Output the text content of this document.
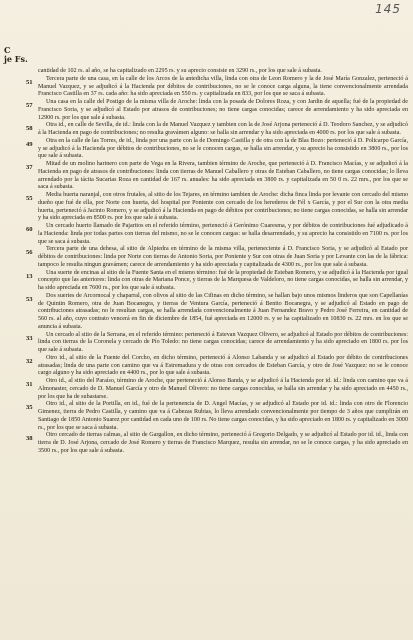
145
C
je Fs.
cantidad de 102 rs. al año, se ha capitalizado en 2295 rs. y su aprecio consiste en 3290 rs., por los que sale á subasta.
51	Tercera parte de una casa, en la calle de los Arcos de la antedicha villa, linda con otra de Leon Romero y la de José María Gonzalez, perteneció á Manuel Vazquez, y se adjudicó á la Hacienda por débitos de contribuciones, no se le conoce carga alguna, la tiene convencionalmente arrendada Francisco Castilla en 37 rs. cada año: ha sido apreciada en 550 rs. y capitalizada en 833, por los que se saca á subasta.
57	Una casa en la calle del Postigo de la misma villa de Aroche: linda con la posada de Dolores Roza, y con Jardin de aquella; fué de la propiedad de Francisco Soria, y se adjudicó al Estado por atrasos de contribuciones; no tiene cargas conocidas; carece de arrendamiento y ha sido apreciada en 12900 rs. por los que sale á subasta.
58	Otra id., en calle de Sevilla, de id.: linda con la de Manuel Vazquez y tambien con la de José Arjona perteneció á D. Teodoro Sanchez, y se adjudicó á la Hacienda en pago de contribuciones; no resulta gravámen alguno: se halla sin arrendar y ha sido apreciada en 4000 rs. por los que sale á subasta.
49	Otra en la calle de las Torres, de id., linda por una parte con la de Domingo Castilla y de otra con la de Blas Bozo: perteneció á D. Policarpo García, y se adjudicó á la Hacienda por débitos de contribuciones, no se le conocen cargas, se halla sin arrendar, y su aprecio ha consistido en 3800 rs., por los que sale á subasta.
37	Mitad de un molino harinero con parte de Vega en la Rivera, tambien término de Aroche, que perteneció á D. Francisco Macías, y se adjudicó á la Hacienda en pago de atrasos de contribuciones: linda con tierras de Manuel Caballero y otras de Esteban Caballero, no tiene cargas conocidas; lo lleva arrendado por la tácita Sucarias Roza en cantidad de 167 rs. anuales: ha sido apreciada en 3800 rs. y capitalizada en 50 0 rs. 22 mrs., por los que se saca á subasta.
55	Media huerta naranjal, con otros frutales, al sitio de los Tejares, en término tambien de Aroche: dicha finca linda por levante con cercado del mismo dueño que fué de ella, por Norte con huerta, del hospital por Poniente con cercado de los herederos de Fél x García, y por el Sur con la otra media huerta, perteneció á Jacinto Romero, y se adjudicó á la Hacienda en pago de débitos por contribuciones; no tiene cargas conocidas, se halla sin arrendar y ha sido apreciada en 8500 rs. por los que sale á subasta.
60	Un cercado huerto llamado de Pajaritos en el referido término, perteneció á Gerónimo Cuaresma, y por débitos de contribuciones fué adjudicado á la Hacienda: linda por todas partes con tierras del mismo, no se le conocen cargas: se halla desarrendado, y su aprecio ha consistido en 7100 rs. por los que se saca á subasta.
56	Tercera parte de una dehesa, al sitio de Alpiedra en término de la misma villa, perteneciente á D. Francisco Soria, y se adjudicó al Estado por débitos de contribuciones: linda por Norte con tierras de Antonio Soria, por Poniente y Sur con otras de Juan Soria y por Levante con las de la fábrica: tampoco le resulta ningun gravámen; carece de arrendamiento y ha sido apreciada y capitalizada de 4300 rs., por los que sale á subasta.
13	Una suerte de encinas al sitio de la Fuente Santa en el mismo término: fué de la propiedad de Esteban Romero, y se adjudicó á la Hacienda por igual concepto que las anteriores: linda con otras de Mariana Ponce, y tierras de la Marquesa de Valdeloro, no tiene cargas conocidas, se halla sin arrendar, y ha sido apreciada en 7600 rs., por los que sale á subasta.
53	Dos suertes de Arcornocal y chaparral, con olivos al sitio de las Cifinas en dicho término, se hallan bajo unos mismos linderos que son Capellanías de Quintin Romero, otra de Juan Bocanegra, y tierras de Ventura García, perteneció á Benito Bocanegra, y se adjudicó al Estado en pago de contribuciones atrasadas; no le resultan cargas, se halla arrendada convencionalmente á Juan Fernandez Bravo y Pedro José Ferreira, en cantidad de 560 rs. al año, cuyo contrato vencerá en fin de diciembre de 1854, fué apreciada en 12000 rs. y se ha capitalizado en 10830 rs. 22 mrs. en los que se anuncia á subasta.
33	Un cercado al sitio de la Serrana, en el referido término: perteneció á Estevan Vazquez Olivero, se adjudicó al Estado por débitos de contribuciones: linda con tierras de la Coronela y cercado de Pío Toledo: no tiene cargas conocidas; carece de arrendamiento y ha sido apreciado en 1800 rs. por los que sale á subasta.
32	Otro id., al sitio de la Fuente del Corcho, en dicho término, perteneció á Alonso Labanda y se adjudicó al Estado por débito de contribuciones atrasadas; linda de una parte con camino que va á Estremadura y de otras con cercados de Esteban García, y otro de José Vazquez: no se le conoce cargo alguno y ha sido apreciado en 4400 rs., por lo que sale á subasta.
31	Otro id., al sitio del Paraíso, término de Aroche, que perteneció á Alonso Banda, y se adjudicó á la Hacienda por id. id.: linda con camino que va á Almonaster, cercado de D. Manuel García y otro de Manuel Olivero: no tiene cargas conocidas, se halla sin arrendar y ha sido apreciado en 4450 rs., por los que ha de subastarse.
35	Otro id., al sitio de la Portilla, en id., fué de la pertenencia de D. Angel Macías, y se adjudicó al Estado por id. id.: linda con otro de Florencio Gimenez, tierra de Pedro Castilla, y camino que va á Cabezas Rubias, lo lleva arrendado convencionalmente por tiempo de 3 años que cumplirán en Santiago de 1850 Antonio Suarez por cantidad en cada uno de 100 rs. No tiene cargas conocidas, y ha sido apreciado en 1800 rs. y capitalizado en 3000 rs., por los que se saca á subasta.
38	Otro cercado de tierras calmas, al sitio de Gargallon, en dicho término, perteneció á Gregorio Delgado, y se adjudicó al Estado por id. id., linda con tierra de D. José Arjona, cercado de José Romero y tierras de Francisco Marquez, resulta sin arrendar, no se le conoce cargas, y ha sido apreciado en 3500 rs., por los que sale á subasta.
